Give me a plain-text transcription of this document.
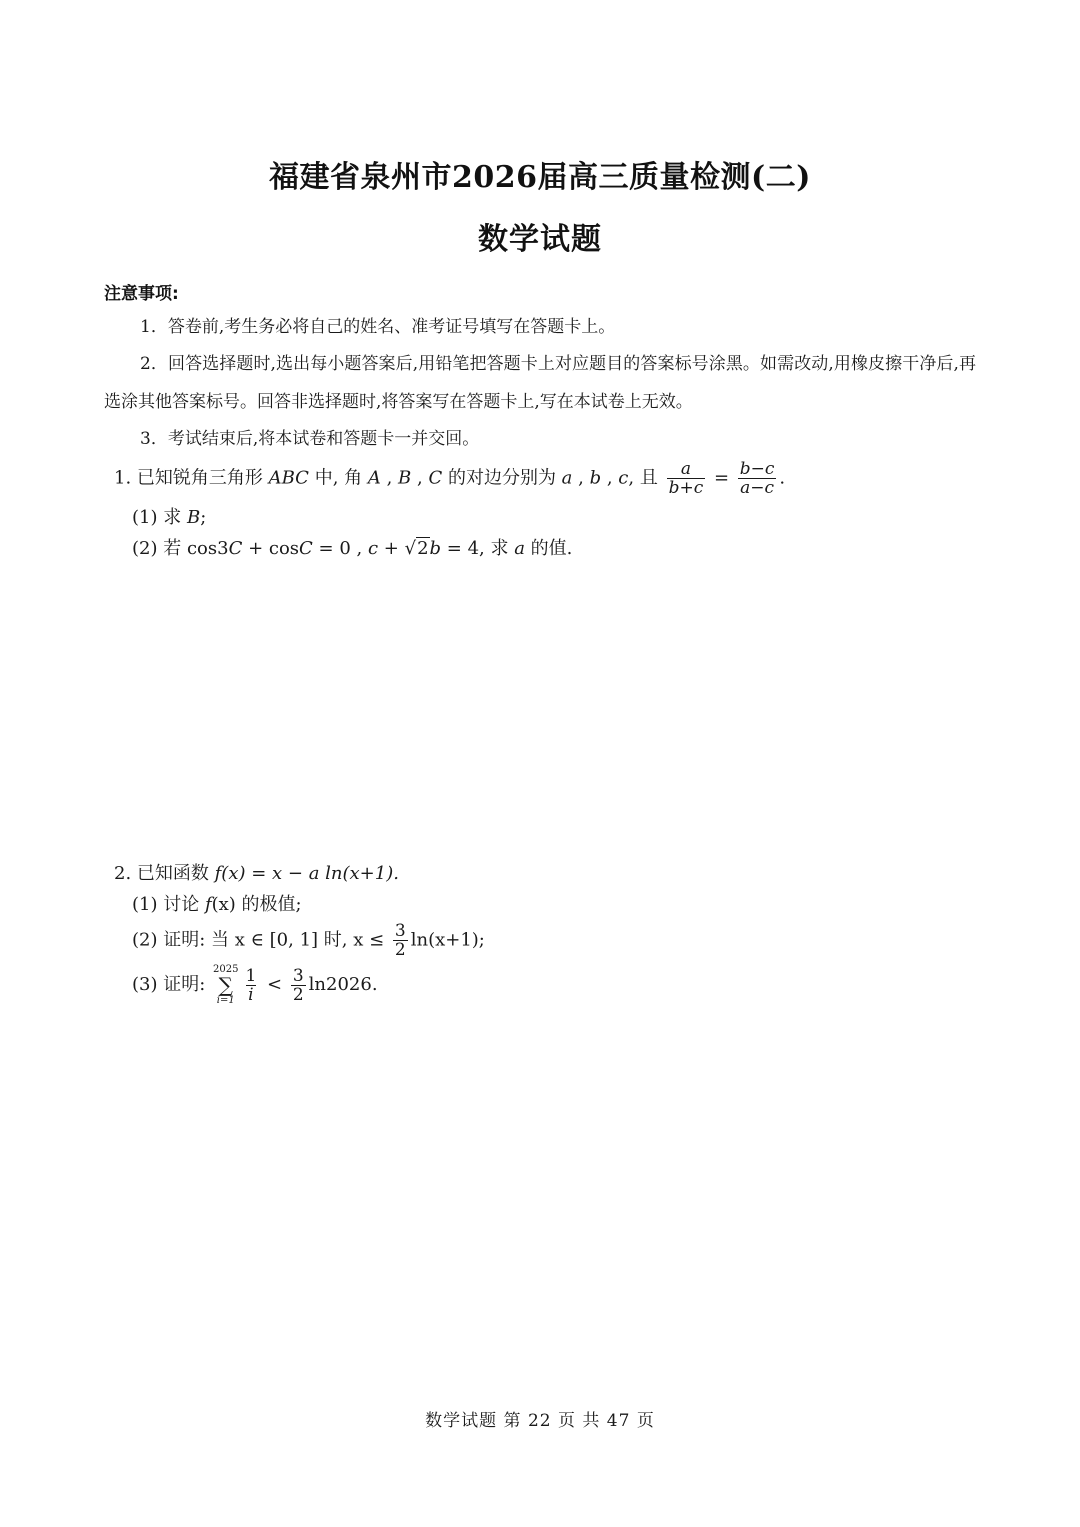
福建省泉州市2026届高三质量检测(二)
数学试题
注意事项:
1．答卷前,考生务必将自己的姓名、准考证号填写在答题卡上。
2．回答选择题时,选出每小题答案后,用铅笔把答题卡上对应题目的答案标号涂黑。如需改动,用橡皮擦干净后,再选涂其他答案标号。回答非选择题时,将答案写在答题卡上,写在本试卷上无效。
3．考试结束后,将本试卷和答题卡一并交回。
1. 已知锐角三角形 ABC 中, 角 A , B , C 的对边分别为 a , b , c, 且 $\frac{a}{b+c} = \frac{b-c}{a-c}$ .
(1) 求 B;
(2) 若 cos3C + cosC = 0 , c + √2b = 4, 求 a 的值.
2. 已知函数 f(x) = x − a ln(x+1).
(1) 讨论 f(x) 的极值;
(2) 证明: 当 x ∈ [0, 1] 时, $x \le \frac{3}{2} \ln(x+1)$;
(3) 证明:
2025
∑
$i=1 \frac{1}{i} < \frac{3}{2} \ln 2026$.
数学试题 第 22 页 共 47 页
